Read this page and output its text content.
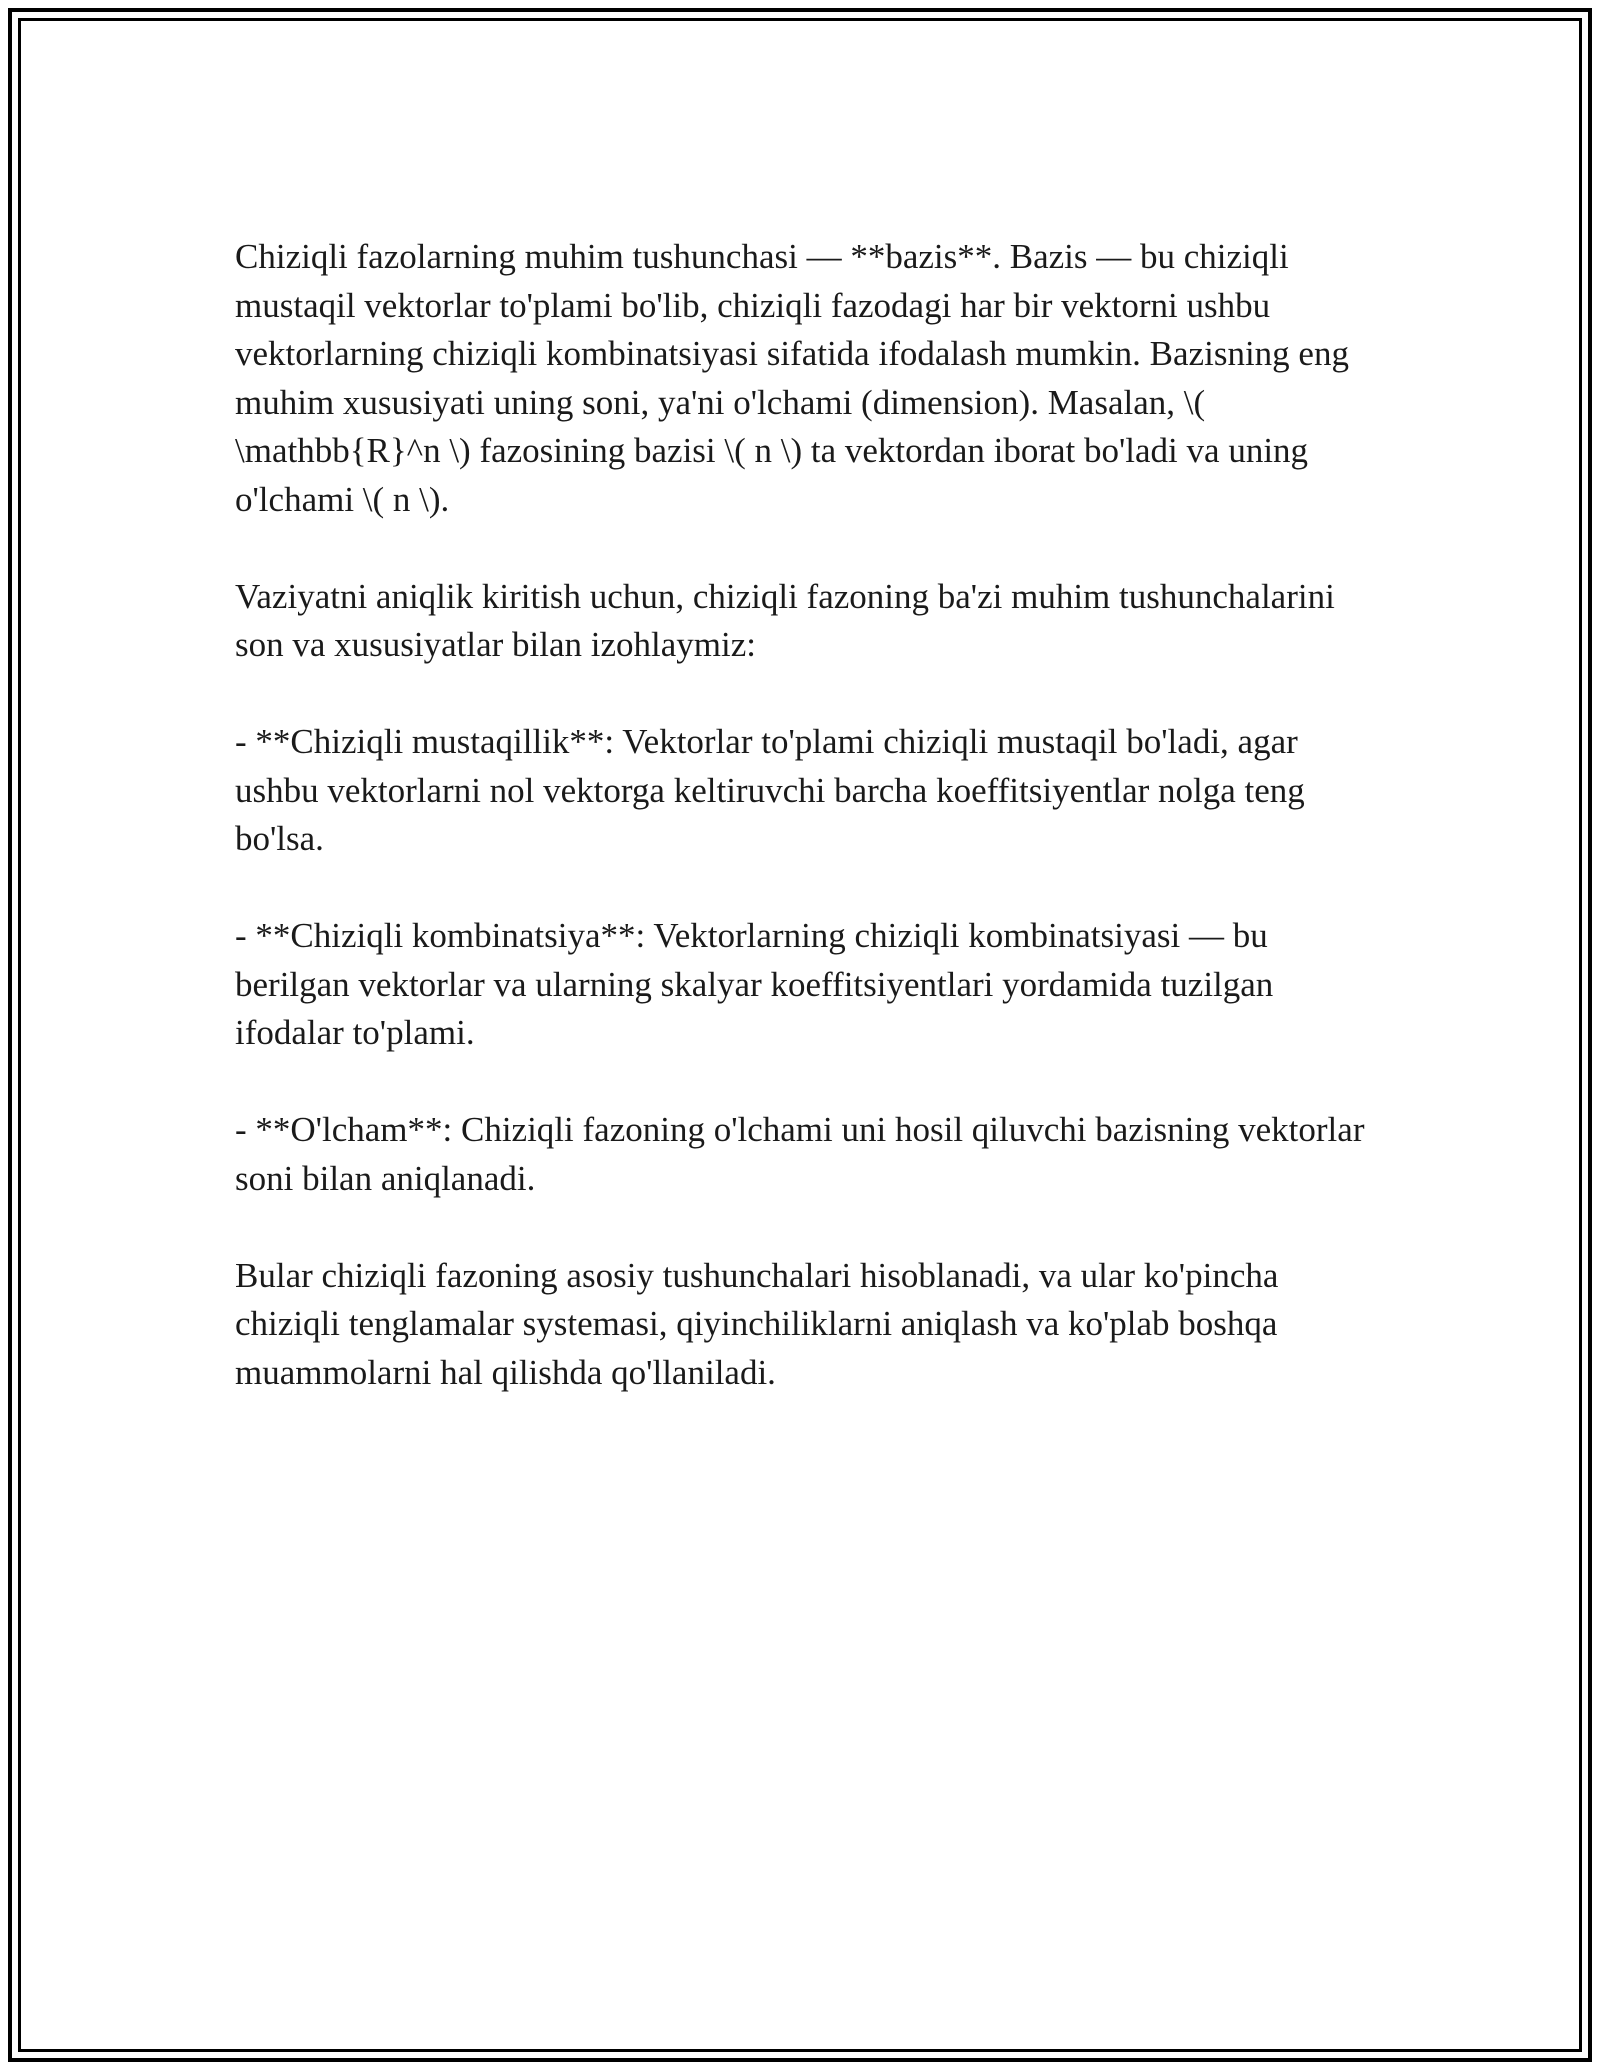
Chiziqli fazolarning muhim tushunchasi — **bazis**. Bazis — bu chiziqli mustaqil vektorlar to'plami bo'lib, chiziqli fazodagi har bir vektorni ushbu vektorlarning chiziqli kombinatsiyasi sifatida ifodalash mumkin. Bazisning eng muhim xususiyati uning soni, ya'ni o'lchami (dimension). Masalan, \( \mathbb{R}^n \) fazosining bazisi \( n \) ta vektordan iborat bo'ladi va uning o'lchami \( n \).

Vaziyatni aniqlik kiritish uchun, chiziqli fazoning ba'zi muhim tushunchalarini son va xususiyatlar bilan izohlaymiz:

- **Chiziqli mustaqillik**: Vektorlar to'plami chiziqli mustaqil bo'ladi, agar ushbu vektorlarni nol vektorga keltiruvchi barcha koeffitsiyentlar nolga teng bo'lsa.

- **Chiziqli kombinatsiya**: Vektorlarning chiziqli kombinatsiyasi — bu berilgan vektorlar va ularning skalyar koeffitsiyentlari yordamida tuzilgan ifodalar to'plami.

- **O'lcham**: Chiziqli fazoning o'lchami uni hosil qiluvchi bazisning vektorlar soni bilan aniqlanadi.

Bular chiziqli fazoning asosiy tushunchalari hisoblanadi, va ular ko'pincha chiziqli tenglamalar systemasi, qiyinchiliklarni aniqlash va ko'plab boshqa muammolarni hal qilishda qo'llaniladi.
